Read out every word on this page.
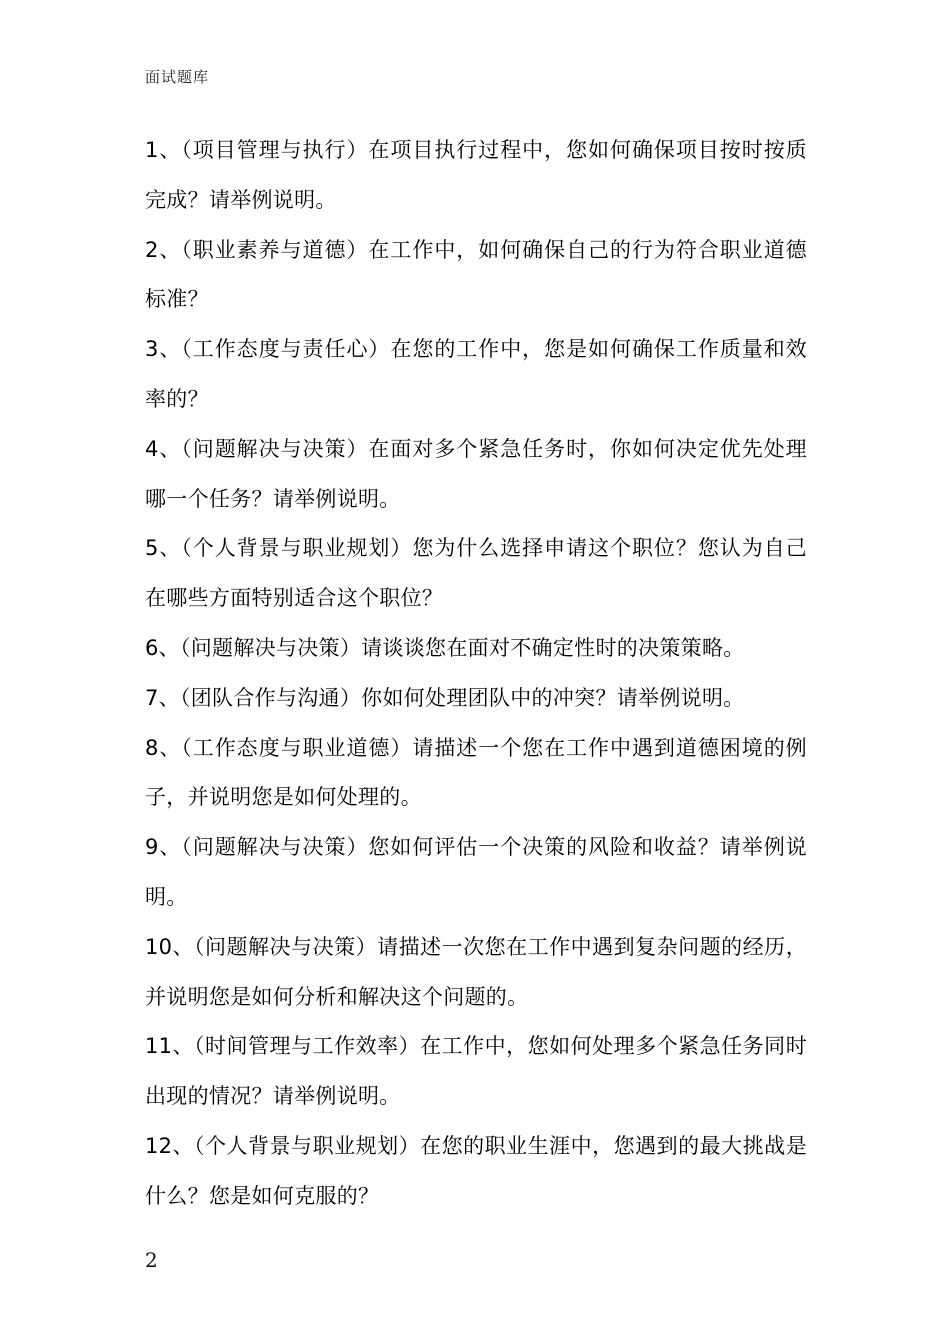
面试题库

1、（项目管理与执行）在项目执行过程中，您如何确保项目按时按质完成？请举例说明。

2、（职业素养与道德）在工作中，如何确保自己的行为符合职业道德标准？

3、（工作态度与责任心）在您的工作中，您是如何确保工作质量和效率的？

4、（问题解决与决策）在面对多个紧急任务时，你如何决定优先处理哪一个任务？请举例说明。

5、（个人背景与职业规划）您为什么选择申请这个职位？您认为自己在哪些方面特别适合这个职位？

6、（问题解决与决策）请谈谈您在面对不确定性时的决策策略。

7、（团队合作与沟通）你如何处理团队中的冲突？请举例说明。

8、（工作态度与职业道德）请描述一个您在工作中遇到道德困境的例子，并说明您是如何处理的。

9、（问题解决与决策）您如何评估一个决策的风险和收益？请举例说明。

10、（问题解决与决策）请描述一次您在工作中遇到复杂问题的经历，并说明您是如何分析和解决这个问题的。

11、（时间管理与工作效率）在工作中，您如何处理多个紧急任务同时出现的情况？请举例说明。

12、（个人背景与职业规划）在您的职业生涯中，您遇到的最大挑战是什么？您是如何克服的？

2
